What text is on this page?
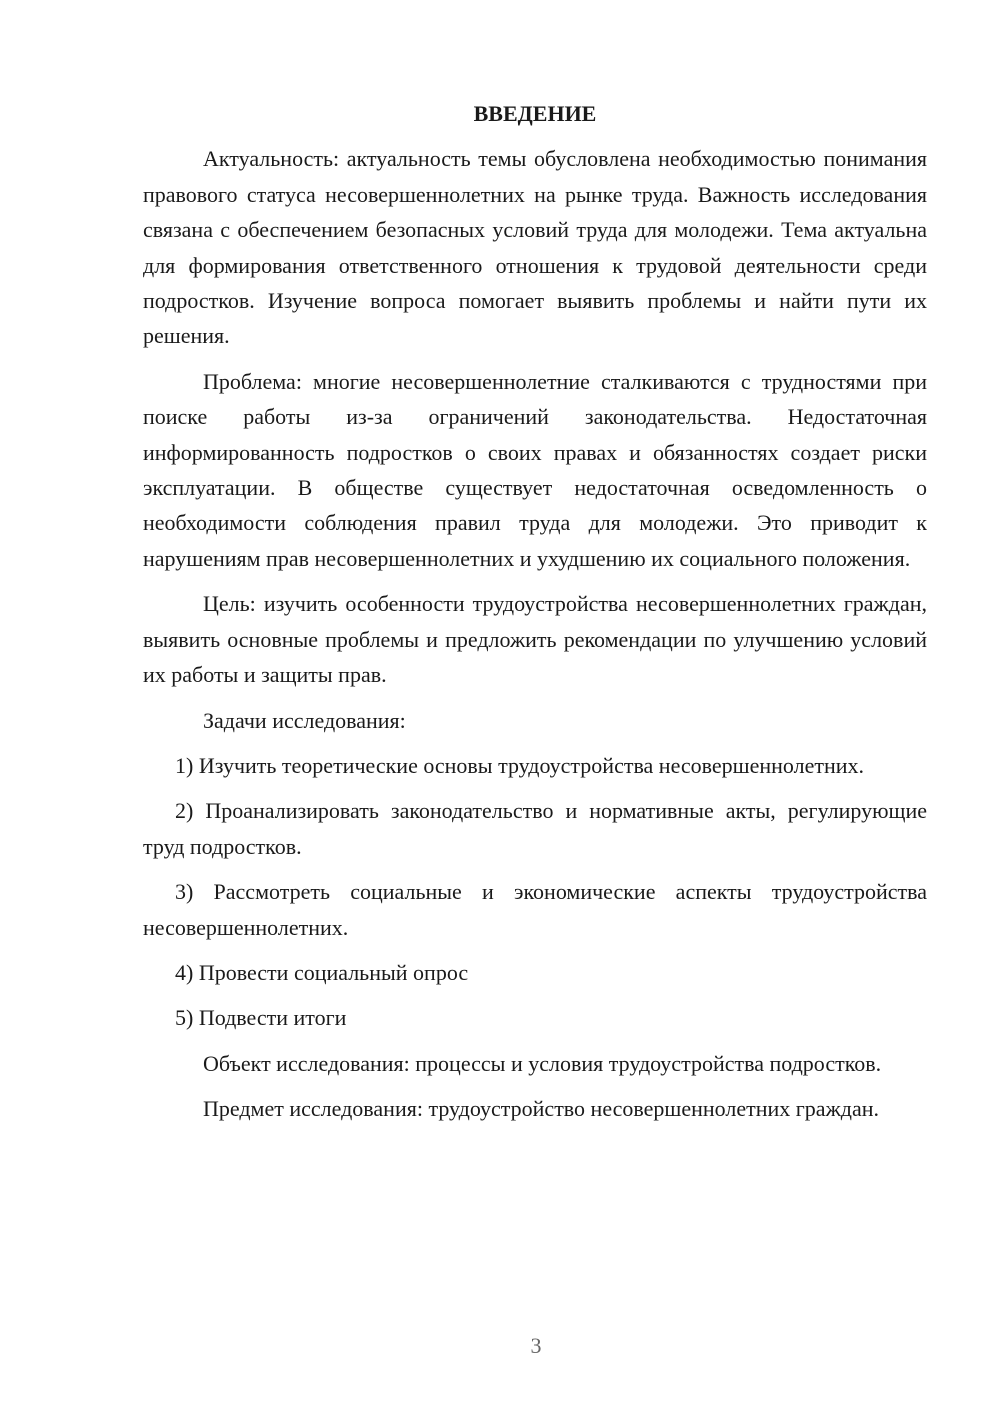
ВВЕДЕНИЕ

Актуальность: актуальность темы обусловлена необходимостью понимания правового статуса несовершеннолетних на рынке труда. Важность исследования связана с обеспечением безопасных условий труда для молодежи. Тема актуальна для формирования ответственного отношения к трудовой деятельности среди подростков. Изучение вопроса помогает выявить проблемы и найти пути их решения.

Проблема: многие несовершеннолетние сталкиваются с трудностями при поиске работы из-за ограничений законодательства. Недостаточная информированность подростков о своих правах и обязанностях создает риски эксплуатации. В обществе существует недостаточная осведомленность о необходимости соблюдения правил труда для молодежи. Это приводит к нарушениям прав несовершеннолетних и ухудшению их социального положения.

Цель: изучить особенности трудоустройства несовершеннолетних граждан, выявить основные проблемы и предложить рекомендации по улучшению условий их работы и защиты прав.

Задачи исследования:

1) Изучить теоретические основы трудоустройства несовершеннолетних.

2) Проанализировать законодательство и нормативные акты, регулирующие труд подростков.

3) Рассмотреть социальные и экономические аспекты трудоустройства несовершеннолетних.

4) Провести социальный опрос

5) Подвести итоги

Объект исследования: процессы и условия трудоустройства подростков.

Предмет исследования: трудоустройство несовершеннолетних граждан.

3
